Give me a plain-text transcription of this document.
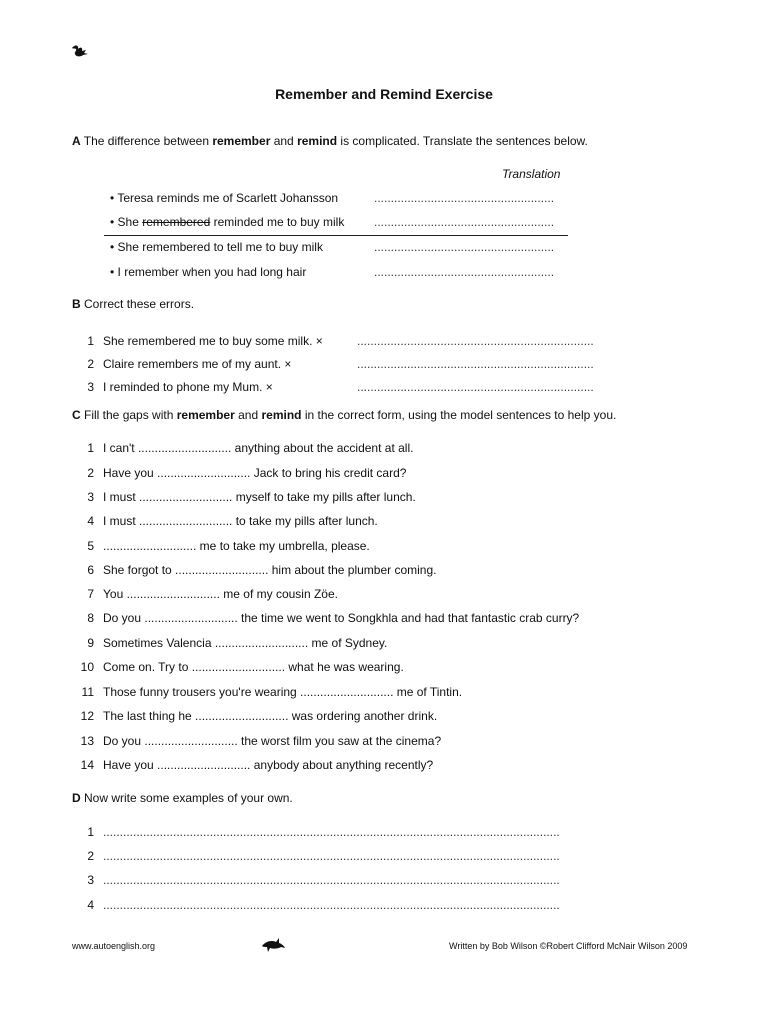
Remember and Remind Exercise
A The difference between remember and remind is complicated. Translate the sentences below.
Translation
• Teresa reminds me of Scarlett Johansson	......................................................
• She remembered reminded me to buy milk ......................................................
• She remembered to tell me to buy milk	......................................................
• I remember when you had long hair	......................................................
B Correct these errors.
1 She remembered me to buy some milk. ×	.......................................................................
2 Claire remembers me of my aunt. ×	.......................................................................
3 I reminded to phone my Mum. ×	.......................................................................
C Fill the gaps with remember and remind in the correct form, using the model sentences to help you.
1 I can't ............................ anything about the accident at all.
2 Have you ............................ Jack to bring his credit card?
3 I must ............................ myself to take my pills after lunch.
4 I must ............................ to take my pills after lunch.
5 ............................ me to take my umbrella, please.
6 She forgot to ............................ him about the plumber coming.
7 You ............................ me of my cousin Zöe.
8 Do you ............................ the time we went to Songkhla and had that fantastic crab curry?
9 Sometimes Valencia ............................ me of Sydney.
10 Come on. Try to ............................ what he was wearing.
11 Those funny trousers you're wearing ............................ me of Tintin.
12 The last thing he ............................ was ordering another drink.
13 Do you ............................ the worst film you saw at the cinema?
14 Have you ............................ anybody about anything recently?
D Now write some examples of your own.
1 .........................................................................................................................................
2 .........................................................................................................................................
3 .........................................................................................................................................
4 .........................................................................................................................................
www.autoenglish.org	Written by Bob Wilson ©Robert Clifford McNair Wilson 2009
